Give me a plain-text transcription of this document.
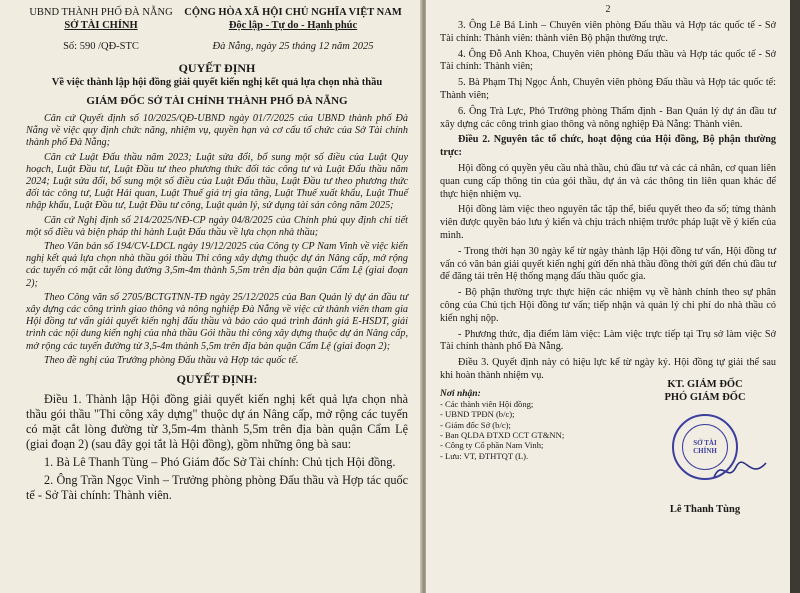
UBND THÀNH PHỐ ĐÀ NẴNG
SỞ TÀI CHÍNH
Số: 590 /QĐ-STC
CỘNG HÒA XÃ HỘI CHỦ NGHĨA VIỆT NAM
Độc lập - Tự do - Hạnh phúc
Đà Nẵng, ngày 25 tháng 12 năm 2025
QUYẾT ĐỊNH
Về việc thành lập hội đồng giải quyết kiến nghị kết quả lựa chọn nhà thầu
GIÁM ĐỐC SỞ TÀI CHÍNH THÀNH PHỐ ĐÀ NẴNG

Căn cứ Quyết định số 10/2025/QĐ-UBND ngày 01/7/2025 của UBND thành phố Đà Nẵng về việc quy định chức năng, nhiệm vụ, quyền hạn và cơ cấu tổ chức của Sở Tài chính thành phố Đà Nẵng;

Căn cứ Luật Đấu thầu năm 2023; Luật sửa đổi, bổ sung một số điều của Luật Quy hoạch, Luật Đầu tư, Luật Đầu tư theo phương thức đối tác công tư và Luật Đấu thầu năm 2024; Luật sửa đổi, bổ sung một số điều của Luật Đấu thầu, Luật Đầu tư theo phương thức đối tác công tư, Luật Hải quan, Luật Thuế giá trị gia tăng, Luật Thuế xuất khẩu, Luật Thuế nhập khẩu, Luật Đầu tư, Luật Đầu tư công, Luật quản lý, sử dụng tài sản công năm 2025;

Căn cứ Nghị định số 214/2025/NĐ-CP ngày 04/8/2025 của Chính phủ quy định chi tiết một số điều và biện pháp thi hành Luật Đấu thầu về lựa chọn nhà thầu;

Theo Văn bản số 194/CV-LDCL ngày 19/12/2025 của Công ty CP Nam Vinh về việc kiến nghị kết quả lựa chọn nhà thầu gói thầu Thi công xây dựng thuộc dự án Nâng cấp, mở rộng các tuyến có mặt cắt lòng đường 3,5m-4m thành 5,5m trên địa bàn quận Cẩm Lệ (giai đoạn 2);

Theo Công văn số 2705/BCTGTNN-TĐ ngày 25/12/2025 của Ban Quản lý dự án đầu tư xây dựng các công trình giao thông và nông nghiệp Đà Nẵng về việc cử thành viên tham gia Hội đồng tư vấn giải quyết kiến nghị đấu thầu và báo cáo quá trình đánh giá E-HSDT, giải trình các nội dung kiến nghị của nhà thầu Gói thầu thi công xây dựng thuộc dự án Nâng cấp, mở rộng các tuyến đường từ 3,5-4m thành 5,5m trên địa bàn quận Cẩm Lệ (giai đoạn 2);

Theo đề nghị của Trưởng phòng Đấu thầu và Hợp tác quốc tế.

QUYẾT ĐỊNH:

Điều 1. Thành lập Hội đồng giải quyết kiến nghị kết quả lựa chọn nhà thầu gói thầu "Thi công xây dựng" thuộc dự án Nâng cấp, mở rộng các tuyến có mặt cắt lòng đường từ 3,5m-4m thành 5,5m trên địa bàn quận Cẩm Lệ (giai đoạn 2) (sau đây gọi tắt là Hội đồng), gồm những ông bà sau:

1. Bà Lê Thanh Tùng – Phó Giám đốc Sở Tài chính: Chủ tịch Hội đồng.

2. Ông Trần Ngọc Vinh – Trưởng phòng phòng Đấu thầu và Hợp tác quốc tế - Sở Tài chính: Thành viên.

2

3. Ông Lê Bá Linh – Chuyên viên phòng Đấu thầu và Hợp tác quốc tế - Sở Tài chính: Thành viên: thành viên Bộ phận thường trực.

4. Ông Đỗ Anh Khoa, Chuyên viên phòng Đấu thầu và Hợp tác quốc tế - Sở Tài chính: Thành viên;

5. Bà Phạm Thị Ngọc Ánh, Chuyên viên phòng Đấu thầu và Hợp tác quốc tế: Thành viên;

6. Ông Trà Lực, Phó Trưởng phòng Thẩm định - Ban Quản lý dự án đầu tư xây dựng các công trình giao thông và nông nghiệp Đà Nẵng: Thành viên.

Điều 2. Nguyên tắc tổ chức, hoạt động của Hội đồng, Bộ phận thường trực:

Hội đồng có quyền yêu cầu nhà thầu, chủ đầu tư và các cá nhân, cơ quan liên quan cung cấp thông tin của gói thầu, dự án và các thông tin liên quan khác để thực hiện nhiệm vụ.

Hội đồng làm việc theo nguyên tắc tập thể, biểu quyết theo đa số; từng thành viên được quyền bảo lưu ý kiến và chịu trách nhiệm trước pháp luật về ý kiến của mình.

- Trong thời hạn 30 ngày kể từ ngày thành lập Hội đồng tư vấn, Hội đồng tư vấn có văn bản giải quyết kiến nghị gửi đến nhà thầu đồng thời gửi đến chủ đầu tư để đăng tải trên Hệ thống mạng đấu thầu quốc gia.

- Bộ phận thường trực thực hiện các nhiệm vụ về hành chính theo sự phân công của Chủ tịch Hội đồng tư vấn; tiếp nhận và quản lý chi phí do nhà thầu có kiến nghị nộp.

- Phương thức, địa điểm làm việc: Làm việc trực tiếp tại Trụ sở làm việc Sở Tài chính thành phố Đà Nẵng.

Điều 3. Quyết định này có hiệu lực kể từ ngày ký. Hội đồng tự giải thể sau khi hoàn thành nhiệm vụ.

Nơi nhận:
- Các thành viên Hội đồng;
- UBND TPĐN (b/c);
- Giám đốc Sở (b/c);
- Ban QLDA ĐTXD CCT GT&NN;
- Công ty Cổ phần Nam Vinh;
- Lưu: VT, ĐTHTQT (L).
KT. GIÁM ĐỐC
PHÓ GIÁM ĐỐC
SỞ TÀI CHÍNH
Lê Thanh Tùng
